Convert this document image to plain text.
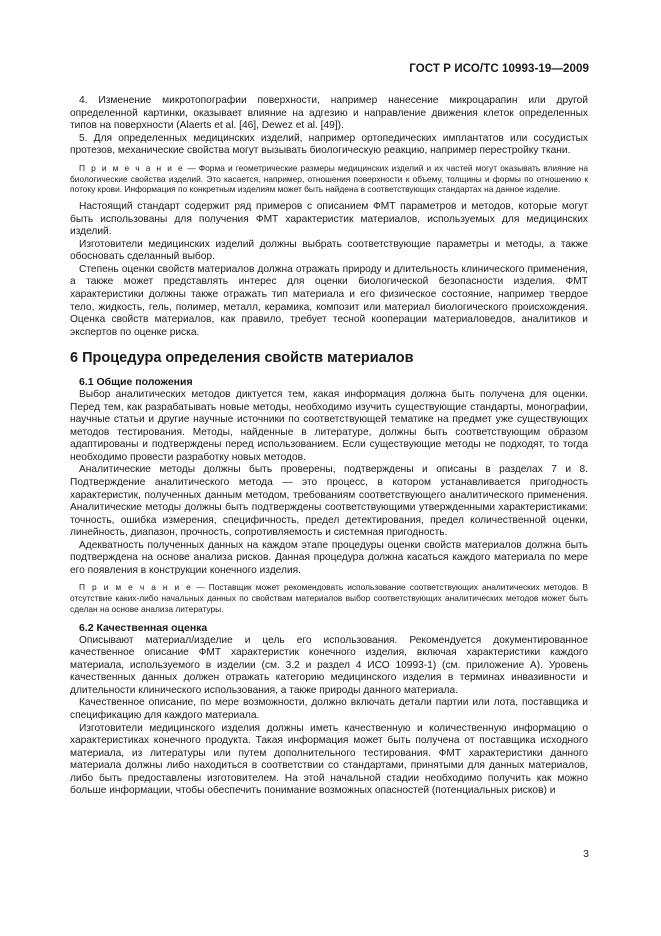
ГОСТ Р ИСО/ТС 10993-19—2009

4. Изменение микротопографии поверхности, например нанесение микроцарапин или другой определенной картинки, оказывает влияние на адгезию и направление движения клеток определенных типов на поверхности (Alaerts et al. [46], Dewez et al. [49]).

5. Для определенных медицинских изделий, например ортопедических имплантатов или сосудистых протезов, механические свойства могут вызывать биологическую реакцию, например перестройку ткани.

П р и м е ч а н и е — Форма и геометрические размеры медицинских изделий и их частей могут оказывать влияние на биологические свойства изделий. Это касается, например, отношения поверхности к объему, толщины и формы по отношению к потоку крови. Информация по конкретным изделиям может быть найдена в соответствующих стандартах на данное изделие.

Настоящий стандарт содержит ряд примеров с описанием ФМТ параметров и методов, которые могут быть использованы для получения ФМТ характеристик материалов, используемых для медицинских изделий.

Изготовители медицинских изделий должны выбрать соответствующие параметры и методы, а также обосновать сделанный выбор.

Степень оценки свойств материалов должна отражать природу и длительность клинического применения, а также может представлять интерес для оценки биологической безопасности изделия. ФМТ характеристики должны также отражать тип материала и его физическое состояние, например твердое тело, жидкость, гель, полимер, металл, керамика, композит или материал биологического происхождения. Оценка свойств материалов, как правило, требует тесной кооперации материаловедов, аналитиков и экспертов по оценке риска.

6 Процедура определения свойств материалов
6.1 Общие положения

Выбор аналитических методов диктуется тем, какая информация должна быть получена для оценки. Перед тем, как разрабатывать новые методы, необходимо изучить существующие стандарты, монографии, научные статьи и другие научные источники по соответствующей тематике на предмет уже существующих методов тестирования. Методы, найденные в литературе, должны быть соответствующим образом адаптированы и подтверждены перед использованием. Если существующие методы не подходят, то тогда необходимо провести разработку новых методов.

Аналитические методы должны быть проверены, подтверждены и описаны в разделах 7 и 8. Подтверждение аналитического метода — это процесс, в котором устанавливается пригодность характеристик, полученных данным методом, требованиям соответствующего аналитического применения. Аналитические методы должны быть подтверждены соответствующими утвержденными характеристиками: точность, ошибка измерения, специфичность, предел детектирования, предел количественной оценки, линейность, диапазон, прочность, сопротивляемость и системная пригодность.

Адекватность полученных данных на каждом этапе процедуры оценки свойств материалов должна быть подтверждена на основе анализа рисков. Данная процедура должна касаться каждого материала по мере его появления в конструкции конечного изделия.

П р и м е ч а н и е — Поставщик может рекомендовать использование соответствующих аналитических методов. В отсутствие каких-либо начальных данных по свойствам материалов выбор соответствующих аналитических методов может быть сделан на основе анализа литературы.

6.2 Качественная оценка

Описывают материал/изделие и цель его использования. Рекомендуется документированное качественное описание ФМТ характеристик конечного изделия, включая характеристики каждого материала, используемого в изделии (см. 3.2 и раздел 4 ИСО 10993-1) (см. приложение А). Уровень качественных данных должен отражать категорию медицинского изделия в терминах инвазивности и длительности клинического использования, а также природы данного материала.

Качественное описание, по мере возможности, должно включать детали партии или лота, поставщика и спецификацию для каждого материала.

Изготовители медицинского изделия должны иметь качественную и количественную информацию о характеристиках конечного продукта. Такая информация может быть получена от поставщика исходного материала, из литературы или путем дополнительного тестирования. ФМТ характеристики данного материала должны либо находиться в соответствии со стандартами, принятыми для данных материалов, либо быть предоставлены изготовителем. На этой начальной стадии необходимо получить как можно больше информации, чтобы обеспечить понимание возможных опасностей (потенциальных рисков) и

3
